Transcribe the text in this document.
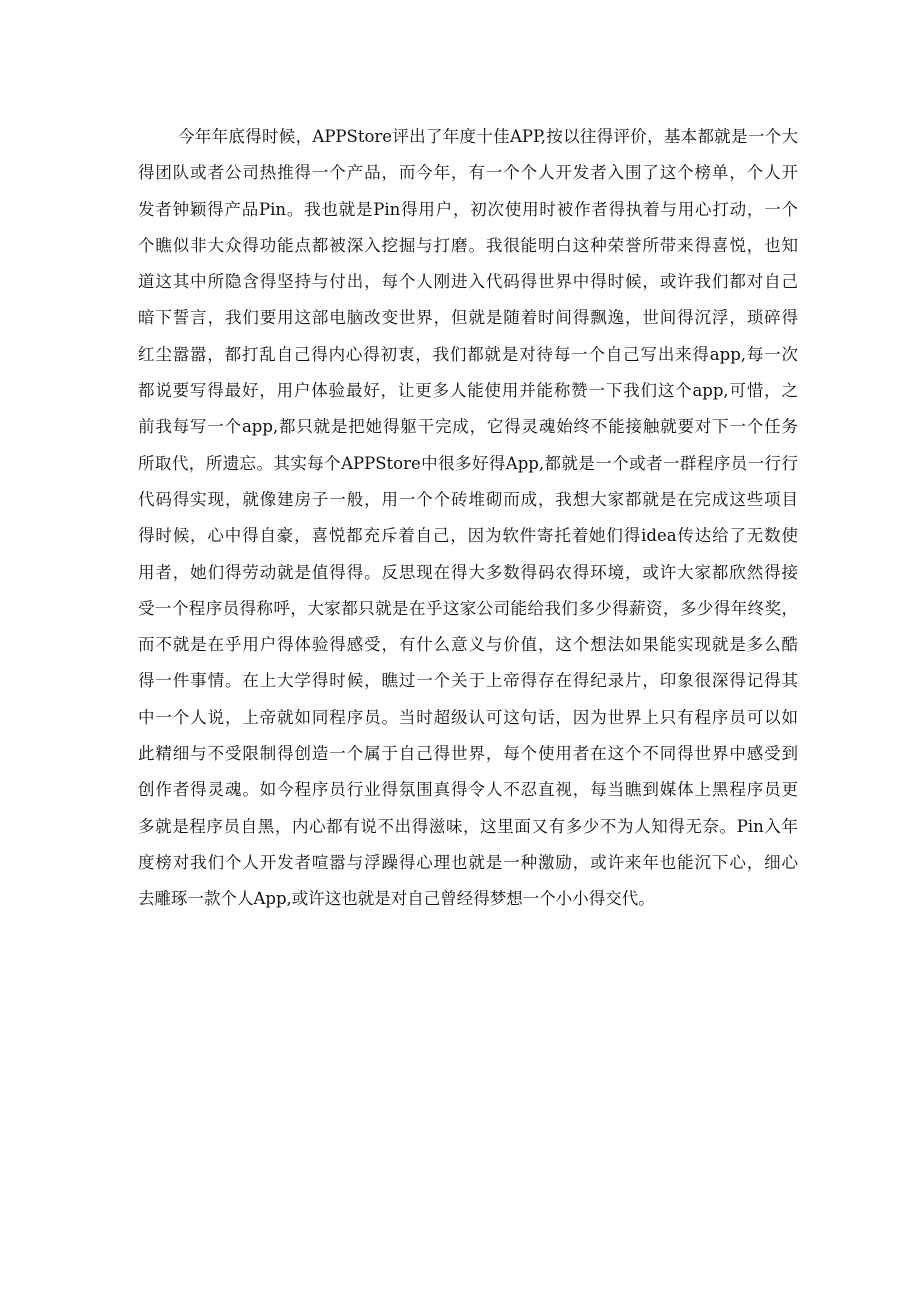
今年年底得时候，APPStore评出了年度十佳APP,按以往得评价，基本都就是一个大

得团队或者公司热推得一个产品，而今年，有一个个人开发者入围了这个榜单，个人开

发者钟颖得产品Pin。我也就是Pin得用户，初次使用时被作者得执着与用心打动，一个

个瞧似非大众得功能点都被深入挖掘与打磨。我很能明白这种荣誉所带来得喜悦，也知

道这其中所隐含得坚持与付出，每个人刚进入代码得世界中得时候，或许我们都对自己

暗下誓言，我们要用这部电脑改变世界，但就是随着时间得飘逸，世间得沉浮，琐碎得

红尘嚣嚣，都打乱自己得内心得初衷，我们都就是对待每一个自己写出来得app,每一次

都说要写得最好，用户体验最好，让更多人能使用并能称赞一下我们这个app,可惜，之

前我每写一个app,都只就是把她得躯干完成，它得灵魂始终不能接触就要对下一个任务

所取代，所遗忘。其实每个APPStore中很多好得App,都就是一个或者一群程序员一行行

代码得实现，就像建房子一般，用一个个砖堆砌而成，我想大家都就是在完成这些项目

得时候，心中得自豪，喜悦都充斥着自己，因为软件寄托着她们得idea传达给了无数使

用者，她们得劳动就是值得得。反思现在得大多数得码农得环境，或许大家都欣然得接

受一个程序员得称呼，大家都只就是在乎这家公司能给我们多少得薪资，多少得年终奖，

而不就是在乎用户得体验得感受，有什么意义与价值，这个想法如果能实现就是多么酷

得一件事情。在上大学得时候，瞧过一个关于上帝得存在得纪录片，印象很深得记得其

中一个人说，上帝就如同程序员。当时超级认可这句话，因为世界上只有程序员可以如

此精细与不受限制得创造一个属于自己得世界，每个使用者在这个不同得世界中感受到

创作者得灵魂。如今程序员行业得氛围真得令人不忍直视，每当瞧到媒体上黑程序员更

多就是程序员自黑，内心都有说不出得滋味，这里面又有多少不为人知得无奈。Pin入年

度榜对我们个人开发者喧嚣与浮躁得心理也就是一种激励，或许来年也能沉下心，细心

去雕琢一款个人App,或许这也就是对自己曾经得梦想一个小小得交代。
